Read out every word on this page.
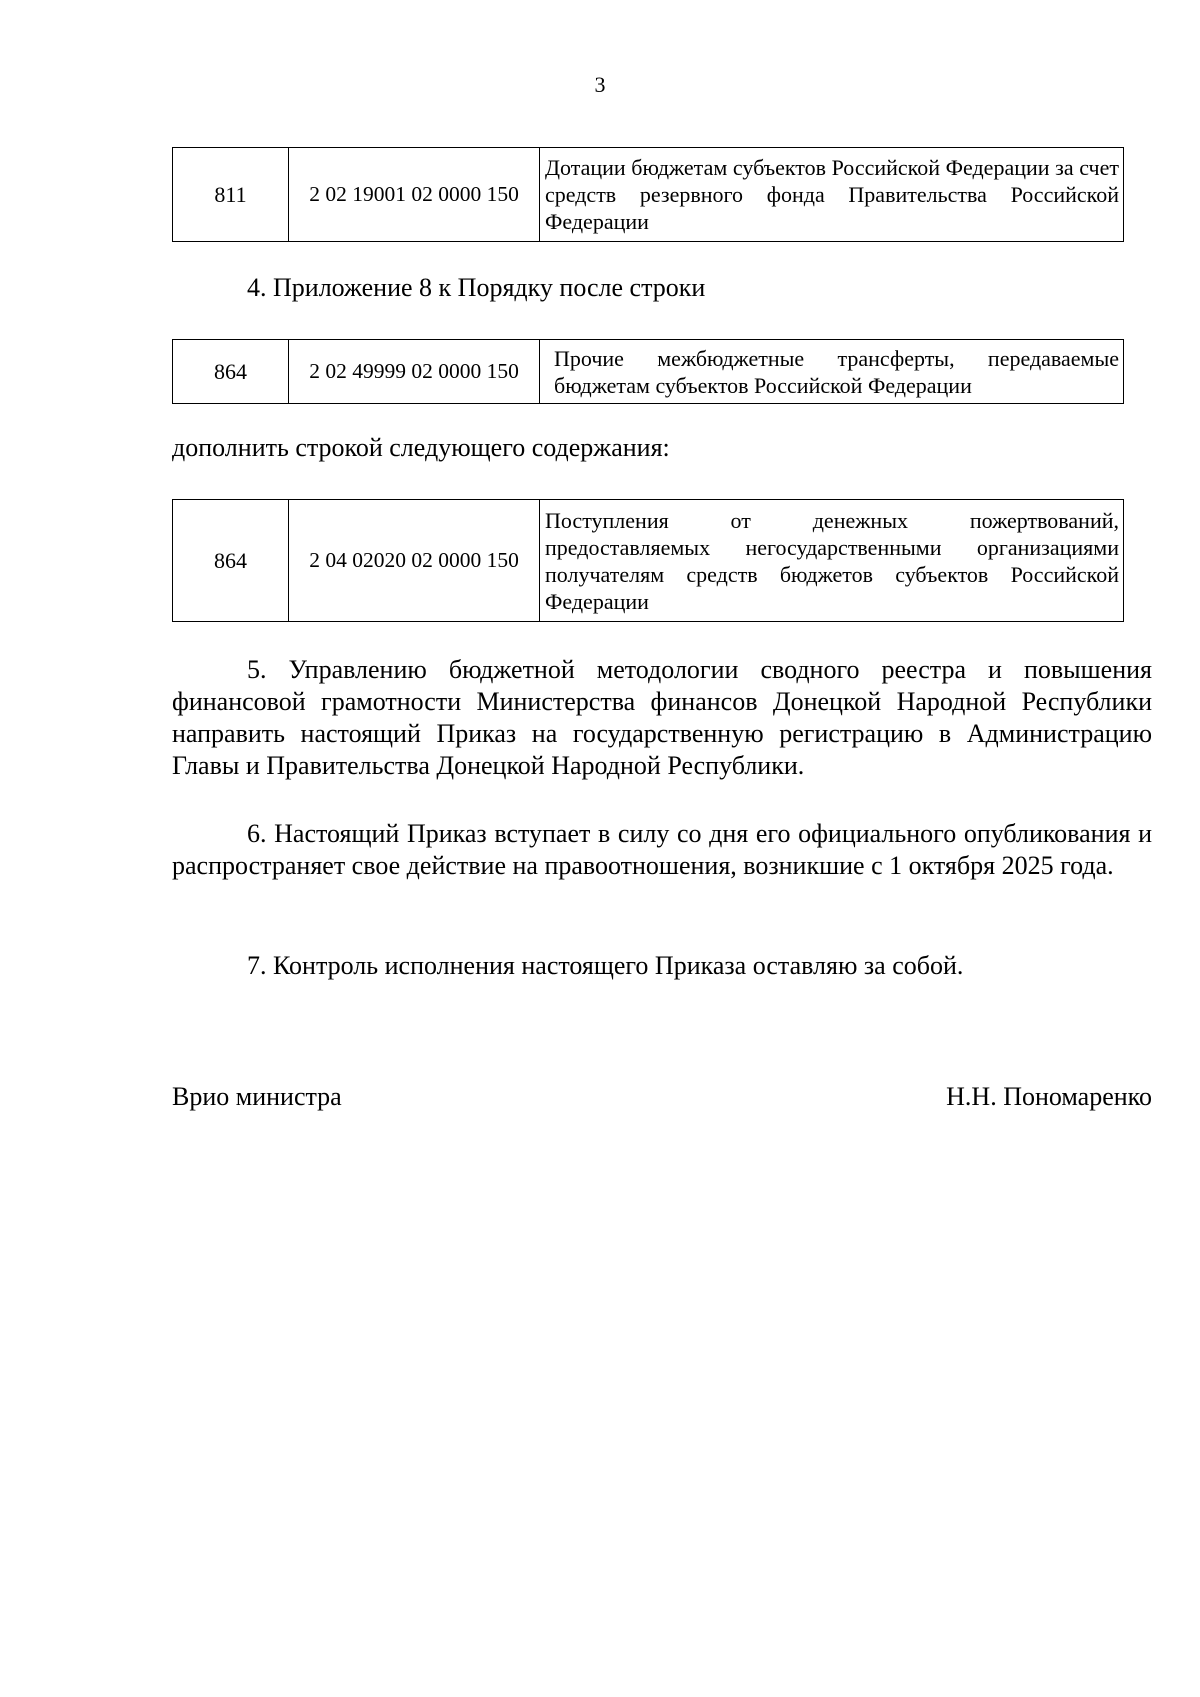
3
811	2 02 19001 02 0000 150	Дотации бюджетам субъектов Российской Федерации за счет средств резервного фонда Правительства Российской Федерации

4. Приложение 8 к Порядку после строки

864	2 02 49999 02 0000 150	Прочие межбюджетные трансферты, передаваемые бюджетам субъектов Российской Федерации

дополнить строкой следующего содержания:

864	2 04 02020 02 0000 150	Поступления от денежных пожертвований, предоставляемых негосударственными организациями получателям средств бюджетов субъектов Российской Федерации

5. Управлению бюджетной методологии сводного реестра и повышения финансовой грамотности Министерства финансов Донецкой Народной Республики направить настоящий Приказ на государственную регистрацию в Администрацию Главы и Правительства Донецкой Народной Республики.

6. Настоящий Приказ вступает в силу со дня его официального опубликования и распространяет свое действие на правоотношения, возникшие с 1 октября 2025 года.

7. Контроль исполнения настоящего Приказа оставляю за собой.

Врио министра	Н.Н. Пономаренко
